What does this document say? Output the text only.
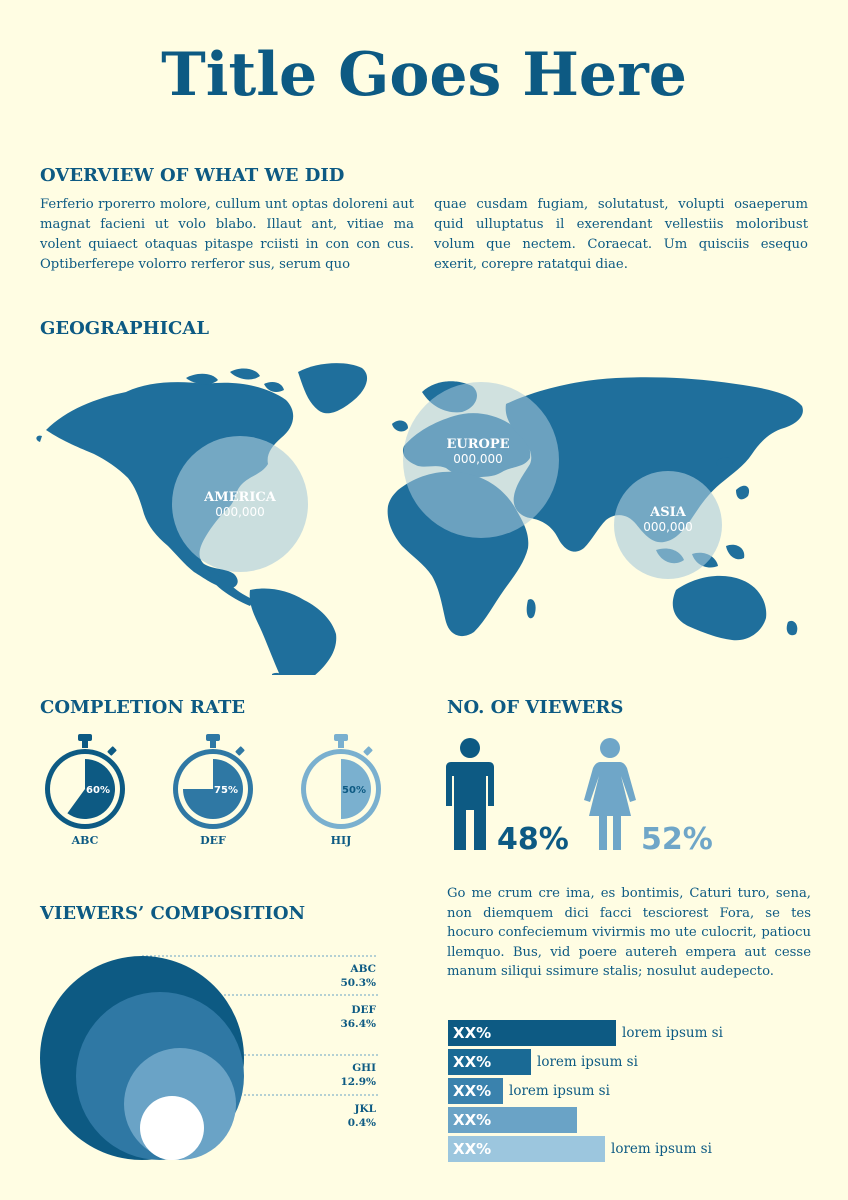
Title Goes Here
OVERVIEW OF WHAT WE DID
Ferferio rporerro molore, cullum unt optas doloreni aut magnat facieni ut volo blabo. Illaut ant, vitiae ma volent quiaect otaquas pitaspe rciisti in con con cus. Optiberferepe volorro rerferor sus, serum quo
quae cusdam fugiam, solutatust, volupti osaeperum quid ulluptatus il exerendant vellestiis moloribust volum que nectem. Coraecat. Um quisciis esequo exerit, corepre ratatqui diae.
GEOGRAPHICAL
AMERICA
000,000
EUROPE
000,000
ASIA
000,000
COMPLETION RATE
60%
ABC
75%
DEF
50%
HIJ
NO. OF VIEWERS
48% 52%
Go me crum cre ima, es bontimis, Caturi turo, sena, non diemquem dici facci tesciorest Fora, se tes hocuro confeciemum vivirmis mo ute culocrit, patiocu llemquo. Bus, vid poere autereh empera aut cesse manum siliqui ssimure stalis; nosulut audepecto.
VIEWERS’ COMPOSITION
ABC
50.3%
DEF
36.4%
GHI
12.9%
JKL
0.4%
XX%	lorem ipsum si
XX%	lorem ipsum si
XX%	lorem ipsum si
XX%
XX%	lorem ipsum si
